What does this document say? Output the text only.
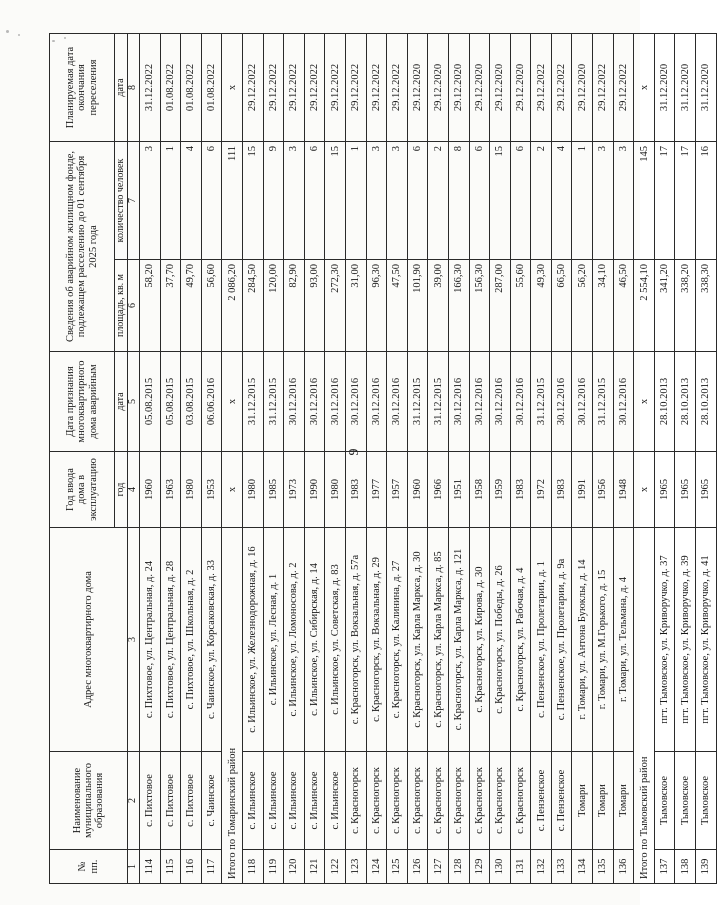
9
№ пп.	Наименование муниципального образования	Адрес многоквартирного дома	Год ввода дома в эксплуатацию	Дата признания многоквартирного дома аварийным	Сведения об аварийном жилищном фонде, подлежащем расселению до 01 сентября 2025 года		Планируемая дата окончания переселения
			год	дата	площадь, кв. м	количество человек	дата
1	2	3	4	5	6	7	8
114	с. Пихтовое	с. Пихтовое, ул. Центральная, д. 24	1960	05.08.2015	58,20	3	31.12.2022
115	с. Пихтовое	с. Пихтовое, ул. Центральная, д. 28	1963	05.08.2015	37,70	1	01.08.2022
116	с. Пихтовое	с. Пихтовое, ул. Школьная, д. 2	1980	03.08.2015	49,70	4	01.08.2022
117	с. Чаинское	с. Чаинское, ул. Корсаковская, д. 33	1953	06.06.2016	56,60	6	01.08.2022
Итого по Томаринский район			x	x	2 086,20	111	x
118	с. Ильинское	с. Ильинское, ул. Железнодорожная, д. 16	1980	31.12.2015	284,50	15	29.12.2022
119	с. Ильинское	с. Ильинское, ул. Лесная, д. 1	1985	31.12.2015	120,00	9	29.12.2022
120	с. Ильинское	с. Ильинское, ул. Ломоносова, д. 2	1973	30.12.2016	82,90	3	29.12.2022
121	с. Ильинское	с. Ильинское, ул. Сибирская, д. 14	1990	30.12.2016	93,00	6	29.12.2022
122	с. Ильинское	с. Ильинское, ул. Советская, д. 83	1980	30.12.2016	272,30	15	29.12.2022
123	с. Красногорск	с. Красногорск, ул. Вокзальная, д. 57а	1983	30.12.2016	31,00	1	29.12.2022
124	с. Красногорск	с. Красногорск, ул. Вокзальная, д. 29	1977	30.12.2016	96,30	3	29.12.2022
125	с. Красногорск	с. Красногорск, ул. Калинина, д. 27	1957	30.12.2016	47,50	3	29.12.2022
126	с. Красногорск	с. Красногорск, ул. Карла Маркса, д. 30	1960	31.12.2015	101,90	6	29.12.2020
127	с. Красногорск	с. Красногорск, ул. Карла Маркса, д. 85	1966	31.12.2015	39,00	2	29.12.2020
128	с. Красногорск	с. Красногорск, ул. Карла Маркса, д. 121	1951	30.12.2016	166,30	8	29.12.2020
129	с. Красногорск	с. Красногорск, ул. Кирова, д. 30	1958	30.12.2016	156,30	6	29.12.2020
130	с. Красногорск	с. Красногорск, ул. Победы, д. 26	1959	30.12.2016	287,00	15	29.12.2020
131	с. Красногорск	с. Красногорск, ул. Рабочая, д. 4	1983	30.12.2016	55,60	6	29.12.2020
132	с. Пензенское	с. Пензенское, ул. Пролетарии, д. 1	1972	31.12.2015	49,30	2	29.12.2022
133	с. Пензенское	с. Пензенское, ул. Пролетарии, д. 9а	1983	30.12.2016	66,50	4	29.12.2022
134	Томари	г. Томари, ул. Антона Буюклы, д. 14	1991	30.12.2016	56,20	1	29.12.2020
135	Томари	г. Томари, ул. М.Горького, д. 15	1956	31.12.2015	34,10	3	29.12.2022
136	Томари	г. Томари, ул. Тельмана, д. 4	1948	30.12.2016	46,50	3	29.12.2022
Итого по Тымовский район			x	x	2 554,10	145	x
137	Тымовское	пгт. Тымовское, ул. Криворучко, д. 37	1965	28.10.2013	341,20	17	31.12.2020
138	Тымовское	пгт. Тымовское, ул. Криворучко, д. 39	1965	28.10.2013	338,20	17	31.12.2020
139	Тымовское	пгт. Тымовское, ул. Криворучко, д. 41	1965	28.10.2013	338,30	16	31.12.2020
